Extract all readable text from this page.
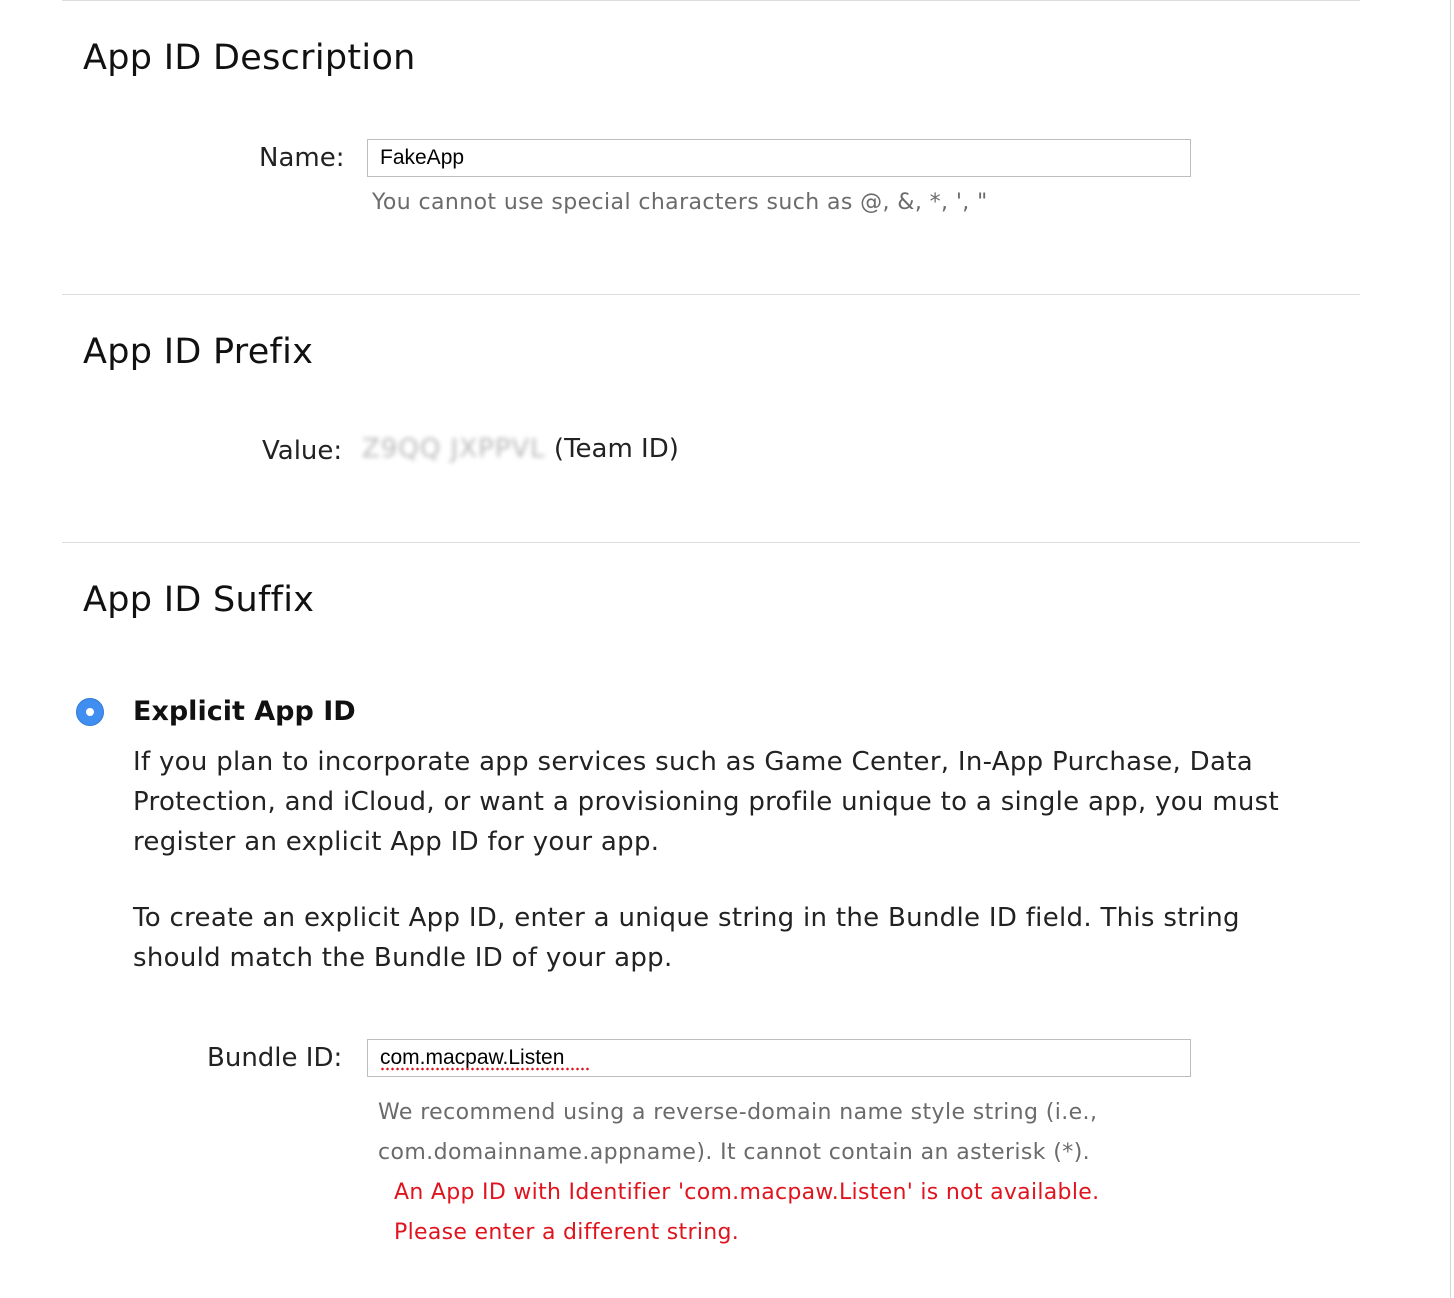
App ID Description
Name:
FakeApp
You cannot use special characters such as @, &, *, ', "
App ID Prefix
Value: Z9QQ JXPPVL (Team ID)
App ID Suffix
Explicit App ID

If you plan to incorporate app services such as Game Center, In-App Purchase, Data Protection, and iCloud, or want a provisioning profile unique to a single app, you must register an explicit App ID for your app.

To create an explicit App ID, enter a unique string in the Bundle ID field. This string should match the Bundle ID of your app.

Bundle ID:
com.macpaw.Listen
We recommend using a reverse-domain name style string (i.e.,
com.domainname.appname). It cannot contain an asterisk (*).
An App ID with Identifier 'com.macpaw.Listen' is not available.
Please enter a different string.
